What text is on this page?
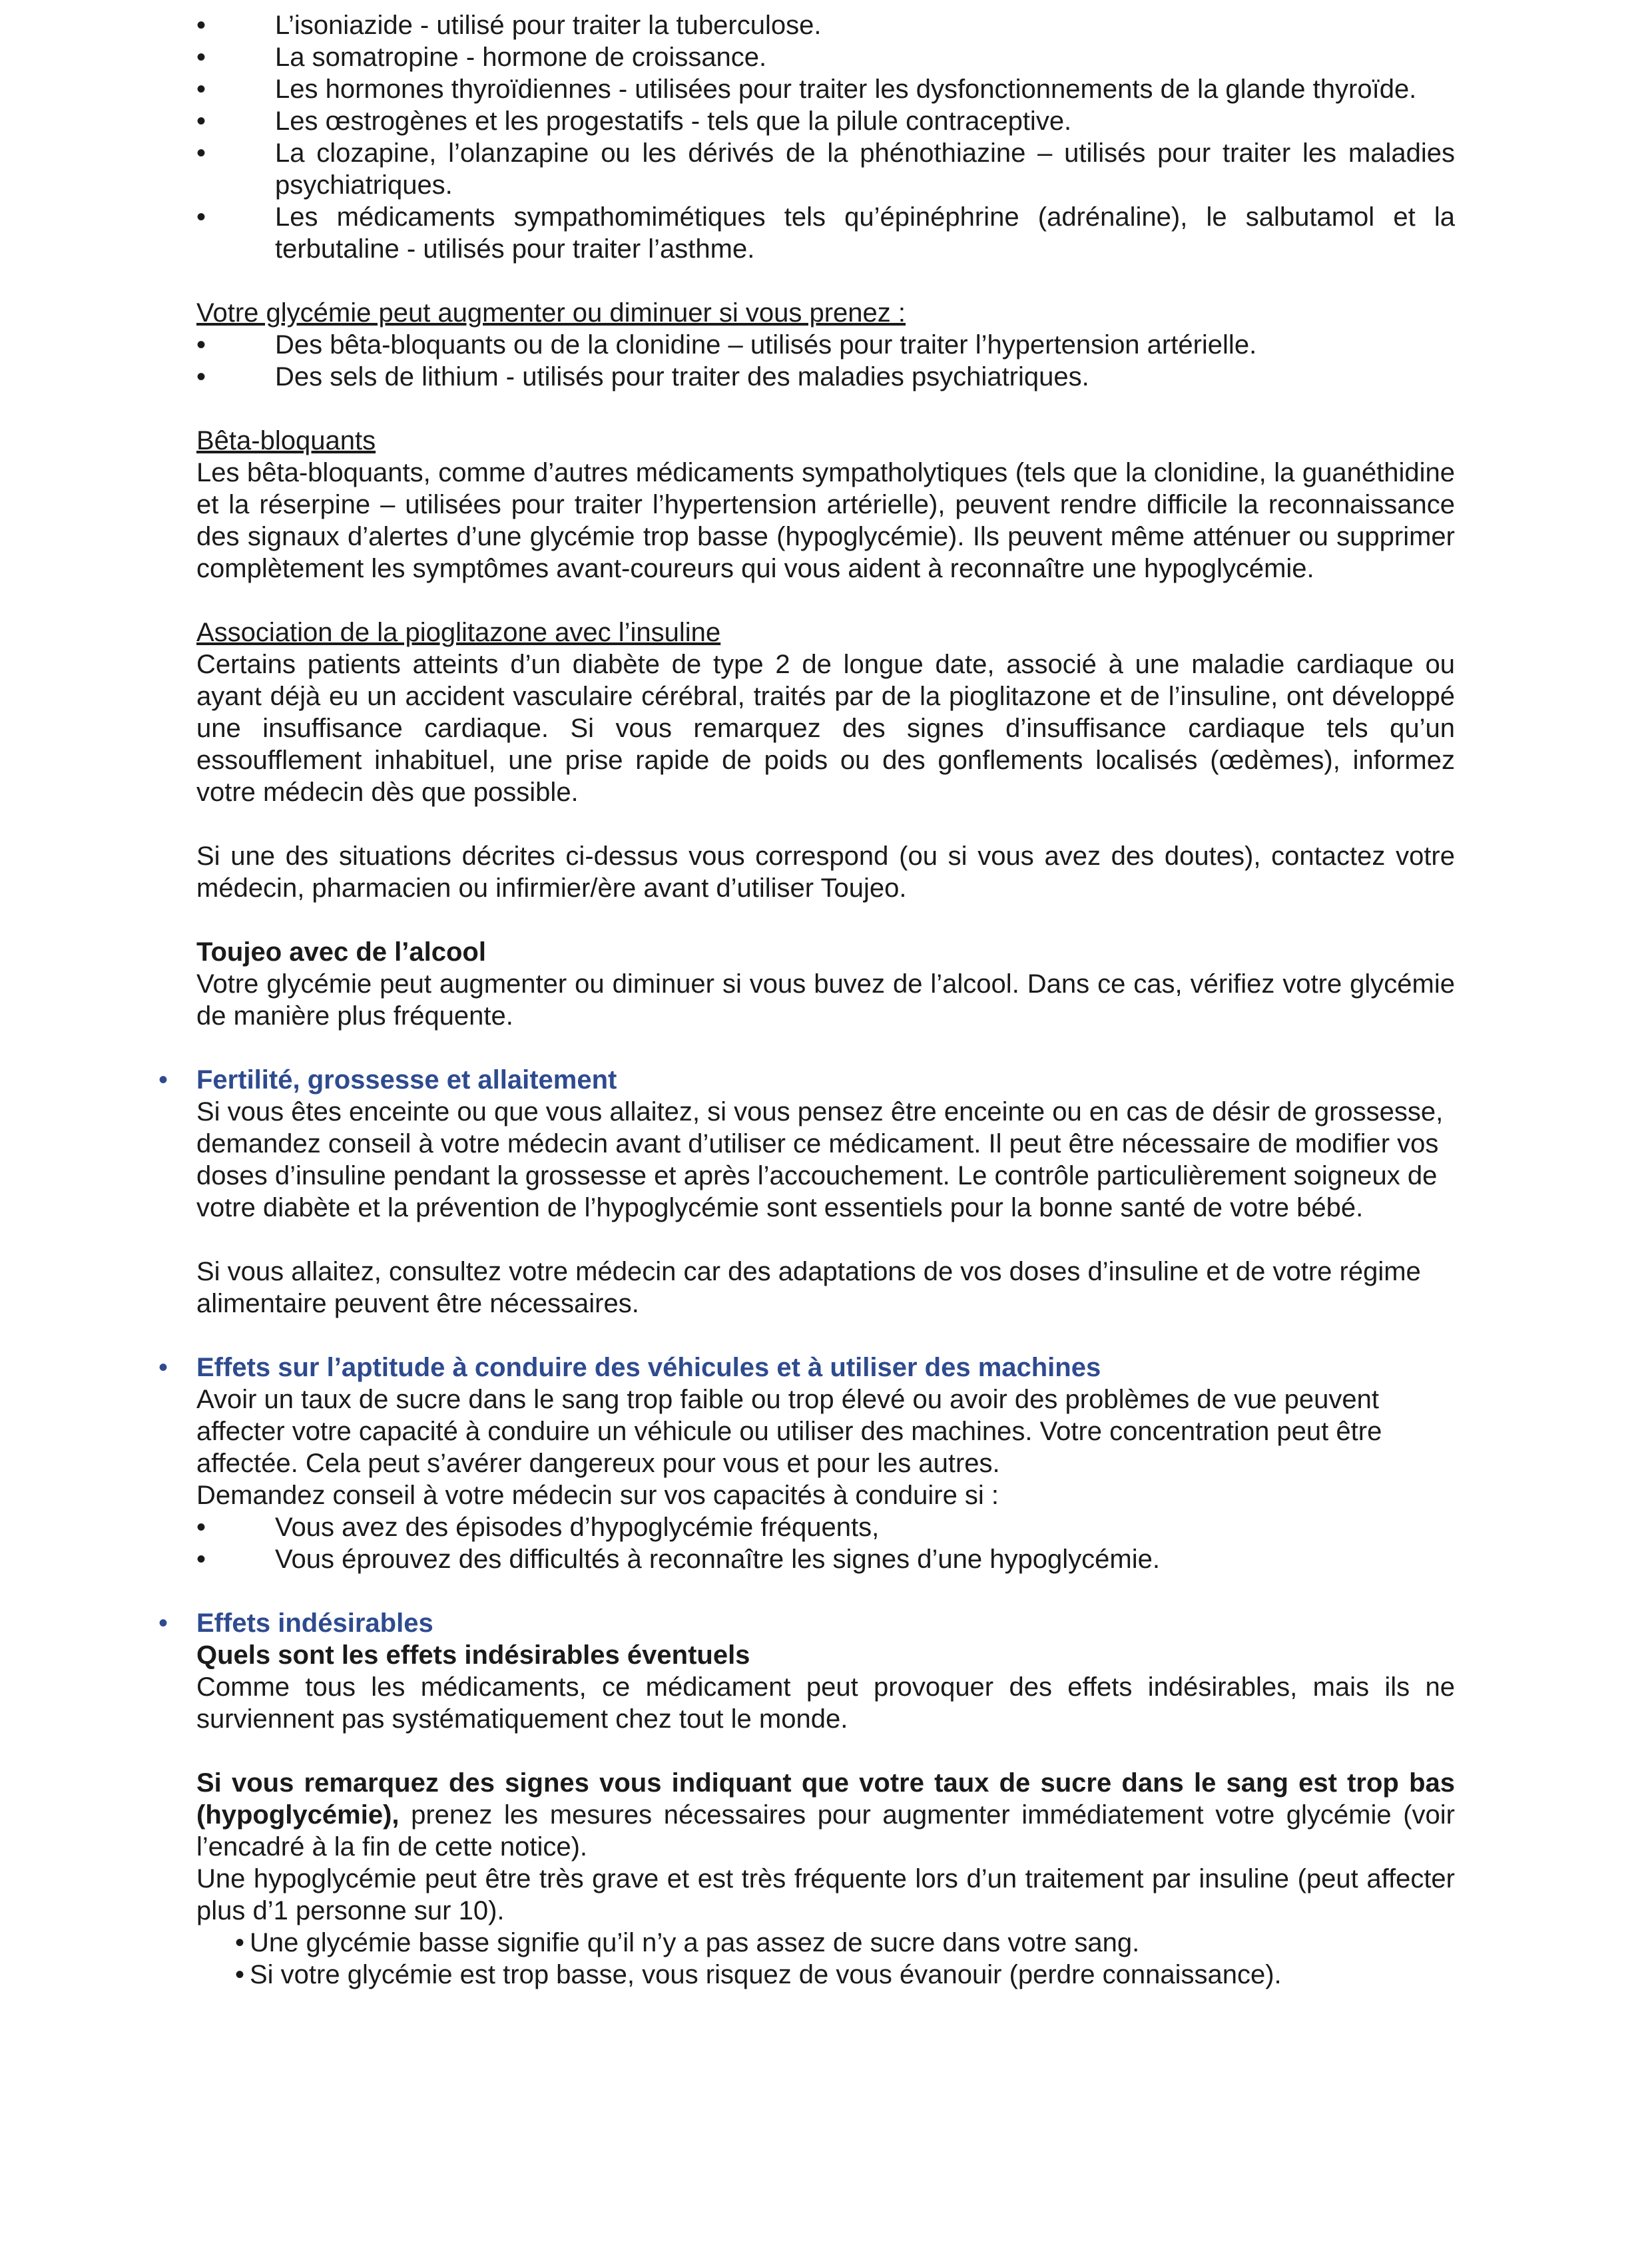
• L’isoniazide - utilisé pour traiter la tuberculose.
• La somatropine - hormone de croissance.
• Les hormones thyroïdiennes - utilisées pour traiter les dysfonctionnements de la glande thyroïde.
• Les œstrogènes et les progestatifs - tels que la pilule contraceptive.
• La clozapine, l’olanzapine ou les dérivés de la phénothiazine – utilisés pour traiter les maladies psychiatriques.
• Les médicaments sympathomimétiques tels qu’épinéphrine (adrénaline), le salbutamol et la terbutaline - utilisés pour traiter l’asthme.
Votre glycémie peut augmenter ou diminuer si vous prenez :
• Des bêta-bloquants ou de la clonidine – utilisés pour traiter l’hypertension artérielle.
• Des sels de lithium - utilisés pour traiter des maladies psychiatriques.
Bêta-bloquants
Les bêta-bloquants, comme d’autres médicaments sympatholytiques (tels que la clonidine, la guanéthidine et la réserpine – utilisées pour traiter l’hypertension artérielle), peuvent rendre difficile la reconnaissance des signaux d’alertes d’une glycémie trop basse (hypoglycémie). Ils peuvent même atténuer ou supprimer complètement les symptômes avant-coureurs qui vous aident à reconnaître une hypoglycémie.
Association de la pioglitazone avec l’insuline
Certains patients atteints d’un diabète de type 2 de longue date, associé à une maladie cardiaque ou ayant déjà eu un accident vasculaire cérébral, traités par de la pioglitazone et de l’insuline, ont développé une insuffisance cardiaque. Si vous remarquez des signes d’insuffisance cardiaque tels qu’un essoufflement inhabituel, une prise rapide de poids ou des gonflements localisés (œdèmes), informez votre médecin dès que possible.
Si une des situations décrites ci-dessus vous correspond (ou si vous avez des doutes), contactez votre médecin, pharmacien ou infirmier/ère avant d’utiliser Toujeo.
Toujeo avec de l’alcool
Votre glycémie peut augmenter ou diminuer si vous buvez de l’alcool. Dans ce cas, vérifiez votre glycémie de manière plus fréquente.
• Fertilité, grossesse et allaitement
Si vous êtes enceinte ou que vous allaitez, si vous pensez être enceinte ou en cas de désir de grossesse, demandez conseil à votre médecin avant d’utiliser ce médicament. Il peut être nécessaire de modifier vos doses d’insuline pendant la grossesse et après l’accouchement. Le contrôle particulièrement soigneux de votre diabète et la prévention de l’hypoglycémie sont essentiels pour la bonne santé de votre bébé.
Si vous allaitez, consultez votre médecin car des adaptations de vos doses d’insuline et de votre régime alimentaire peuvent être nécessaires.
• Effets sur l’aptitude à conduire des véhicules et à utiliser des machines
Avoir un taux de sucre dans le sang trop faible ou trop élevé ou avoir des problèmes de vue peuvent affecter votre capacité à conduire un véhicule ou utiliser des machines. Votre concentration peut être affectée. Cela peut s’avérer dangereux pour vous et pour les autres.
Demandez conseil à votre médecin sur vos capacités à conduire si :
• Vous avez des épisodes d’hypoglycémie fréquents,
• Vous éprouvez des difficultés à reconnaître les signes d’une hypoglycémie.
• Effets indésirables
Quels sont les effets indésirables éventuels
Comme tous les médicaments, ce médicament peut provoquer des effets indésirables, mais ils ne surviennent pas systématiquement chez tout le monde.
Si vous remarquez des signes vous indiquant que votre taux de sucre dans le sang est trop bas (hypoglycémie), prenez les mesures nécessaires pour augmenter immédiatement votre glycémie (voir l’encadré à la fin de cette notice).
Une hypoglycémie peut être très grave et est très fréquente lors d’un traitement par insuline (peut affecter plus d’1 personne sur 10).
• Une glycémie basse signifie qu’il n’y a pas assez de sucre dans votre sang.
• Si votre glycémie est trop basse, vous risquez de vous évanouir (perdre connaissance).
